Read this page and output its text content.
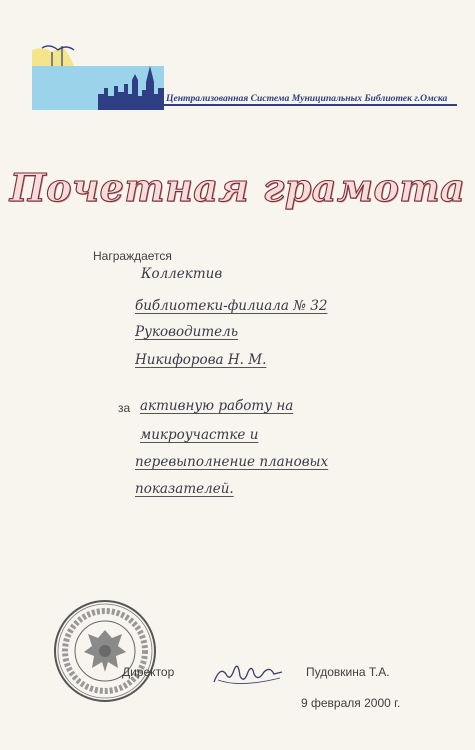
Централизованная Система Муниципальных Библиотек г.Омска
Почетная грамота
Награждается
Коллектив
библиотеки-филиала № 32
Руководитель
Никифорова Н. М.
за активную работу на
микроучастке и
перевыполнение плановых
показателей.
Директор	Пудовкина Т.А.
9 февраля 2000 г.
